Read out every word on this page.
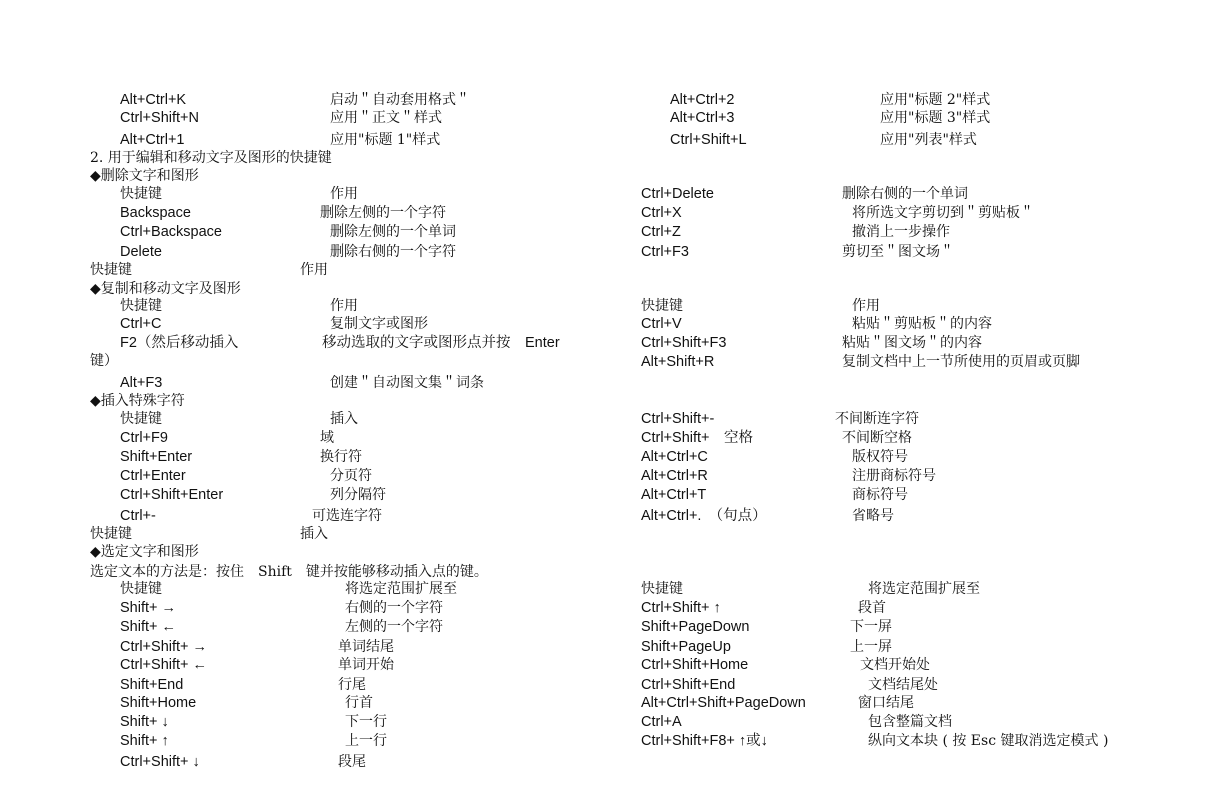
Alt+Ctrl+K	启动＂自动套用格式＂
Ctrl+Shift+N	应用＂正文＂样式
Alt+Ctrl+1	应用"标题 1"样式
2. 用于编辑和移动文字及图形的快捷键
◆删除文字和图形
快捷键	作用
Backspace	删除左侧的一个字符
Ctrl+Backspace	删除左侧的一个单词
Delete	删除右侧的一个字符
快捷键	作用
◆复制和移动文字及图形
快捷键	作用
Ctrl+C	复制文字或图形
F2（然后移动插入	移动选取的文字或图形点并按　Enter
键）
Alt+F3	创建＂自动图文集＂词条
◆插入特殊字符
快捷键	插入
Ctrl+F9	域
Shift+Enter	换行符
Ctrl+Enter	分页符
Ctrl+Shift+Enter	列分隔符
Ctrl+-	可选连字符
快捷键	插入
◆选定文字和图形
选定文本的方法是：按住　Shift　键并按能够移动插入点的键。
快捷键	将选定范围扩展至
Shift+ →	右侧的一个字符
Shift+ ←	左侧的一个字符
Ctrl+Shift+ →	单词结尾
Ctrl+Shift+ ←	单词开始
Shift+End	行尾
Shift+Home	行首
Shift+ ↓	下一行
Shift+ ↑	上一行
Ctrl+Shift+ ↓	段尾
Alt+Ctrl+2	应用"标题 2"样式
Alt+Ctrl+3	应用"标题 3"样式
Ctrl+Shift+L	应用"列表"样式
Ctrl+Delete	删除右侧的一个单词
Ctrl+X	将所选文字剪切到＂剪贴板＂
Ctrl+Z	撤消上一步操作
Ctrl+F3	剪切至＂图文场＂
快捷键	作用
Ctrl+V	粘贴＂剪贴板＂的内容
Ctrl+Shift+F3	粘贴＂图文场＂的内容
Alt+Shift+R	复制文档中上一节所使用的页眉或页脚
Ctrl+Shift+-	不间断连字符
Ctrl+Shift+　空格	不间断空格
Alt+Ctrl+C	版权符号
Alt+Ctrl+R	注册商标符号
Alt+Ctrl+T	商标符号
Alt+Ctrl+.　（句点）	省略号
快捷键	将选定范围扩展至
Ctrl+Shift+ ↑	段首
Shift+PageDown	下一屏
Shift+PageUp	上一屏
Ctrl+Shift+Home	文档开始处
Ctrl+Shift+End	文档结尾处
Alt+Ctrl+Shift+PageDown	窗口结尾
Ctrl+A	包含整篇文档
Ctrl+Shift+F8+ ↑或↓	纵向文本块 ( 按 Esc 键取消选定模式 )
